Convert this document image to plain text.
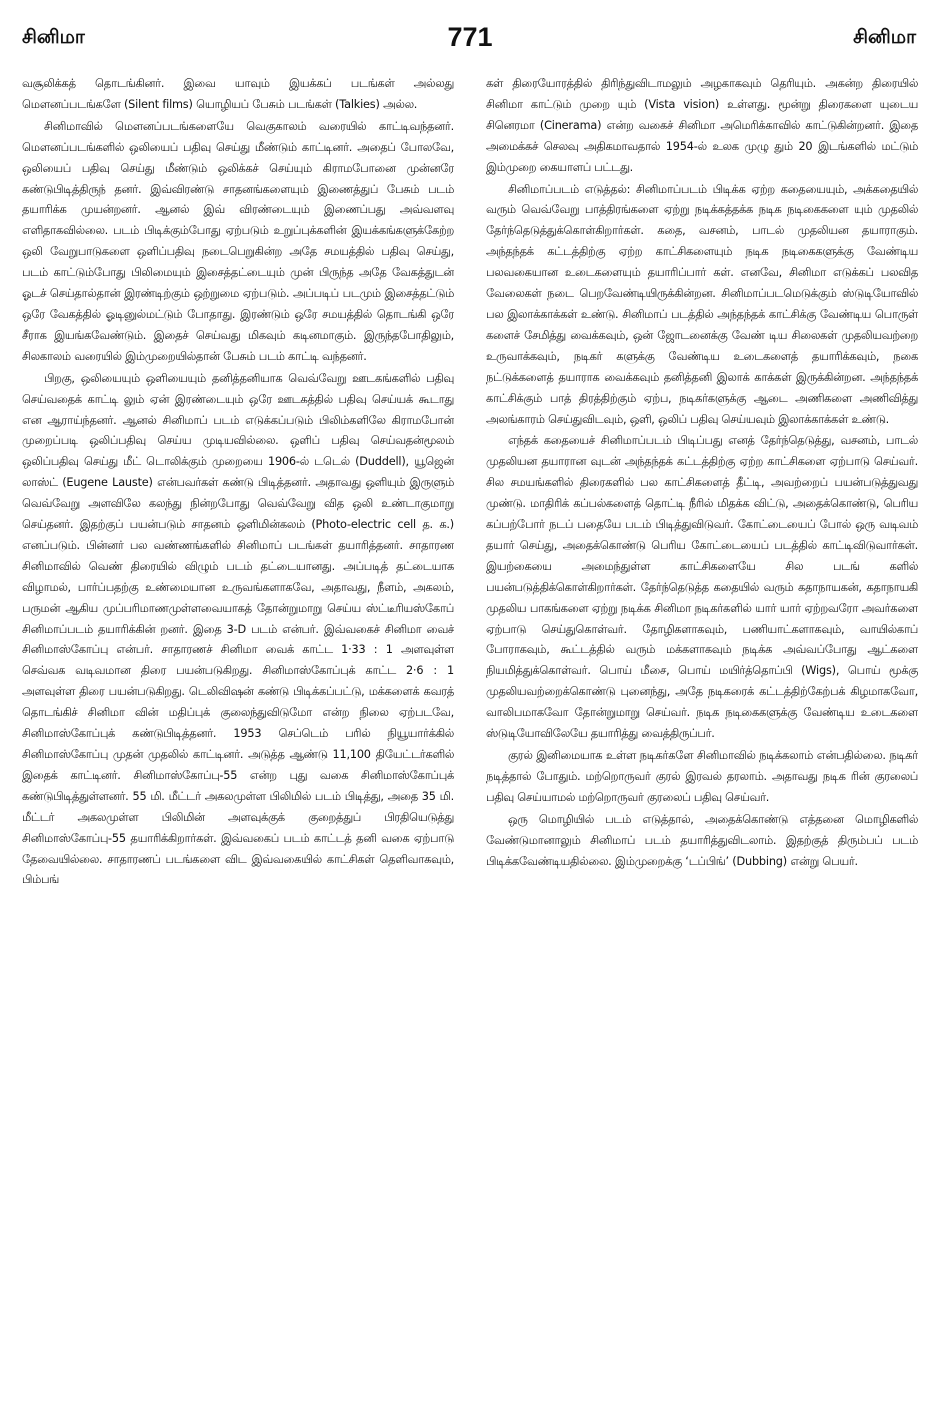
சினிமா	771	சினிமா

வசூலிக்கத் தொடங்கினர். இவை யாவும் இயக்கப் படங்கள் அல்லது மௌனப்படங்களே (Silent films) யொழியப் பேசும் படங்கள் (Talkies) அல்ல.

சினிமாவில் மௌனப்படங்களையே வெகுகாலம் வரையில் காட்டிவந்தனர். மௌனப்படங்களில் ஒலியைப் பதிவு செய்து மீண்டும் காட்டினர். அதைப் போலவே, ஒலியைப் பதிவு செய்து மீண்டும் ஒலிக்கச் செய்யும் கிராமபோனை முன்னரே கண்டுபிடித்திருந் தனர். இவ்விரண்டு சாதனங்களையும் இணைத்துப் பேசும் படம் தயாரிக்க முயன்றனர். ஆனல் இவ் விரண்டையும் இணைப்பது அவ்வளவு எளிதாகவில்லை. படம் பிடிக்கும்போது ஏற்படும் உறுப்புக்களின் இயக்கங்களுக்கேற்ற ஒலி வேறுபாடுகளை ஒளிப்பதிவு நடைபெறுகின்ற அதே சமயத்தில் பதிவு செய்து, படம் காட்டும்போது பிலிமையும் இசைத்தட்டையும் முன் பிருந்த அதே வேகத்துடன் ஓடச் செய்தால்தான் இரண்டிற்கும் ஒற்றுமை ஏற்படும். அப்படிப் படமும் இசைத்தட்டும் ஒரே வேகத்தில் ஓடினுல்மட்டும் போதாது. இரண்டும் ஒரே சமயத்தில் தொடங்கி ஒரே சீராக இயங்கவேண்டும். இதைச் செய்வது மிகவும் கடினமாகும். இருந்தபோதிலும், சிலகாலம் வரையில் இம்முறையில்தான் பேசும் படம் காட்டி வந்தனர்.

பிறகு, ஒலியையும் ஒளியையும் தனித்தனியாக வெவ்வேறு ஊடகங்களில் பதிவு செய்வதைக் காட்டி லும் ஏன் இரண்டையும் ஒரே ஊடகத்தில் பதிவு செய்யக் கூடாது என ஆராய்ந்தனர். ஆனல் சினிமாப் படம் எடுக்கப்படும் பிலிம்களிலே கிராமபோன் முறைப்படி ஒலிப்பதிவு செய்ய முடியவில்லை. ஒளிப் பதிவு செய்வதன்மூலம் ஒலிப்பதிவு செய்து மீட் டொலிக்கும் முறையை 1906-ல் டடெல் (Duddell), யூஜென் லாஸ்ட் (Eugene Lauste) என்பவர்கள் கண்டு பிடித்தனர். அதாவது ஒளியும் இருளும் வெவ்வேறு அளவிலே கலந்து நின்றபோது வெவ்வேறு வித ஒலி உண்டாகுமாறு செய்தனர். இதற்குப் பயன்படும் சாதனம் ஒளிமின்கலம் (Photo-electric cell த. க.) எனப்படும். பின்னர் பல வண்ணங்களில் சினிமாப் படங்கள் தயாரித்தனர். சாதாரண சினிமாவில் வெண் திரையில் விழும் படம் தட்டையானது. அப்படித் தட்டையாக விழாமல், பார்ப்பதற்கு உண்மையான உருவங்களாகவே, அதாவது, நீளம், அகலம், பருமன் ஆகிய முப்பரிமாணமுள்ளவையாகத் தோன்றுமாறு செய்ய ஸ்ட்டீரியஸ்கோப் சினிமாப்படம் தயாரிக்கின் றனர். இதை 3-D படம் என்பர். இவ்வகைச் சினிமா வைச் சினிமாஸ்கோப்பு என்பர். சாதாரணச் சினிமா வைக் காட்ட 1·33 : 1 அளவுள்ள செவ்வக வடிவமான திரை பயன்படுகிறது. சினிமாஸ்கோப்புக் காட்ட 2·6 : 1 அளவுள்ள திரை பயன்படுகிறது. டெலிவிஷன் கண்டு பிடிக்கப்பட்டு, மக்களைக் கவரத் தொடங்கிச் சினிமா வின் மதிப்புக் குலைந்துவிடுமோ என்ற நிலை ஏற்படவே, சினிமாஸ்கோப்புக் கண்டுபிடித்தனர். 1953 செப்டெம் பரில் நியூயார்க்கில் சினிமாஸ்கோப்பு முதன் முதலில் காட்டினர். அடுத்த ஆண்டு 11,100 தியேட்டர்களில் இதைக் காட்டினர். சினிமாஸ்கோப்பு-55 என்ற புது வகை சினிமாஸ்கோப்புக் கண்டுபிடித்துள்ளனர். 55 மி. மீட்டர் அகலமுள்ள பிலிமில் படம் பிடித்து, அதை 35 மி. மீட்டர் அகலமுள்ள பிலிமின் அளவுக்குக் குறைத்துப் பிரதியெடுத்து சினிமாஸ்கோப்பு-55 தயாரிக்கிறார்கள். இவ்வகைப் படம் காட்டத் தனி வகை ஏற்பாடு தேவையில்லை. சாதாரணப் படங்களை விட இவ்வகையில் காட்சிகள் தெளிவாகவும், பிம்பங்

கள் திரையோரத்தில் திரிந்துவிடாமலும் அழகாகவும் தெரியும். அகன்ற திரையில் சினிமா காட்டும் முறை யும் (Vista vision) உள்ளது. மூன்று திரைகளை யுடைய சினெரமா (Cinerama) என்ற வகைச் சினிமா அமெரிக்காவில் காட்டுகின்றனர். இதை அமைக்கச் செலவு அதிகமாவதால் 1954-ல் உலக முழு தும் 20 இடங்களில் மட்டும் இம்முறை கையாளப் பட்டது.

சினிமாப்படம் எடுத்தல்: சினிமாப்படம் பிடிக்க ஏற்ற கதையையும், அக்கதையில் வரும் வெவ்வேறு பாத்திரங்களை ஏற்று நடிக்கத்தக்க நடிக நடிகைகளை யும் முதலில் தேர்ந்தெடுத்துக்கொள்கிறார்கள். கதை, வசனம், பாடல் முதலியன தயாராகும். அந்தந்தக் கட்டத்திற்கு ஏற்ற காட்சிகளையும் நடிக நடிகைகளுக்கு வேண்டிய பலவகையான உடைகளையும் தயாரிப்பார் கள். எனவே, சினிமா எடுக்கப் பலவித வேலைகள் நடை பெறவேண்டியிருக்கின்றன. சினிமாப்படமெடுக்கும் ஸ்டுடியோவில் பல இலாக்காக்கள் உண்டு. சினிமாப் படத்தில் அந்தந்தக் காட்சிக்கு வேண்டிய பொருள் களைச் சேமித்து வைக்கவும், ஒன் ஜோடனைக்கு வேண் டிய சிலைகள் முதலியவற்றை உருவாக்கவும், நடிகர் களுக்கு வேண்டிய உடைகளைத் தயாரிக்கவும், நகை நட்டுக்களைத் தயாராக வைக்கவும் தனித்தனி இலாக் காக்கள் இருக்கின்றன. அந்தந்தக் காட்சிக்கும் பாத் திரத்திற்கும் ஏற்ப, நடிகர்களுக்கு ஆடை அணிகளை அணிவித்து அலங்காரம் செய்துவிடவும், ஒளி, ஒலிப் பதிவு செய்யவும் இலாக்காக்கள் உண்டு.

எந்தக் கதையைச் சினிமாப்படம் பிடிப்பது எனத் தேர்ந்தெடுத்து, வசனம், பாடல் முதலியன தயாரான வுடன் அந்தந்தக் கட்டத்திற்கு ஏற்ற காட்சிகளை ஏற்பாடு செய்வர். சில சமயங்களில் திரைகளில் பல காட்சிகளைத் தீட்டி, அவற்றைப் பயன்படுத்துவது முண்டு. மாதிரிக் கப்பல்களைத் தொட்டி நீரில் மிதக்க விட்டு, அதைக்கொண்டு, பெரிய கப்பற்போர் நடப் பதையே படம் பிடித்துவிடுவர். கோட்டையைப் போல் ஒரு வடிவம் தயார் செய்து, அதைக்கொண்டு பெரிய கோட்டையைப் படத்தில் காட்டிவிடுவார்கள். இயற்கையை அமைந்துள்ள காட்சிகளையே சில படங் களில் பயன்படுத்திக்கொள்கிறார்கள். தேர்ந்தெடுத்த கதையில் வரும் கதாநாயகன், கதாநாயகி முதலிய பாகங்களை ஏற்று நடிக்க சினிமா நடிகர்களில் யார் யார் ஏற்றவரோ அவர்களை ஏற்பாடு செய்துகொள்வர். தோழிகளாகவும், பணியாட்களாகவும், வாயில்காப் போராகவும், கூட்டத்தில் வரும் மக்களாகவும் நடிக்க அவ்வப்போது ஆட்களை நியமித்துக்கொள்வர். பொய் மீசை, பொய் மயிர்த்தொப்பி (Wigs), பொய் மூக்கு முதலியவற்றைக்கொண்டு புனைந்து, அதே நடிகரைக் கட்டத்திற்கேற்பக் கிழமாகவோ, வாலிபமாகவோ தோன்றுமாறு செய்வர். நடிக நடிகைகளுக்கு வேண்டிய உடைகளை ஸ்டுடியோவிலேயே தயாரித்து வைத்திருப்பர்.

குரல் இனிமையாக உள்ள நடிகர்களே சினிமாவில் நடிக்கலாம் என்பதில்லை. நடிகர் நடித்தால் போதும். மற்றொருவர் குரல் இரவல் தரலாம். அதாவது நடிக ரின் குரலைப் பதிவு செய்யாமல் மற்றொருவர் குரலைப் பதிவு செய்வர்.

ஒரு மொழியில் படம் எடுத்தால், அதைக்கொண்டு எத்தனை மொழிகளில் வேண்டுமானாலும் சினிமாப் படம் தயாரித்துவிடலாம். இதற்குத் திரும்பப் படம் பிடிக்கவேண்டியதில்லை. இம்முறைக்கு ‘டப்பிங்’ (Dubbing) என்று பெயர்.
